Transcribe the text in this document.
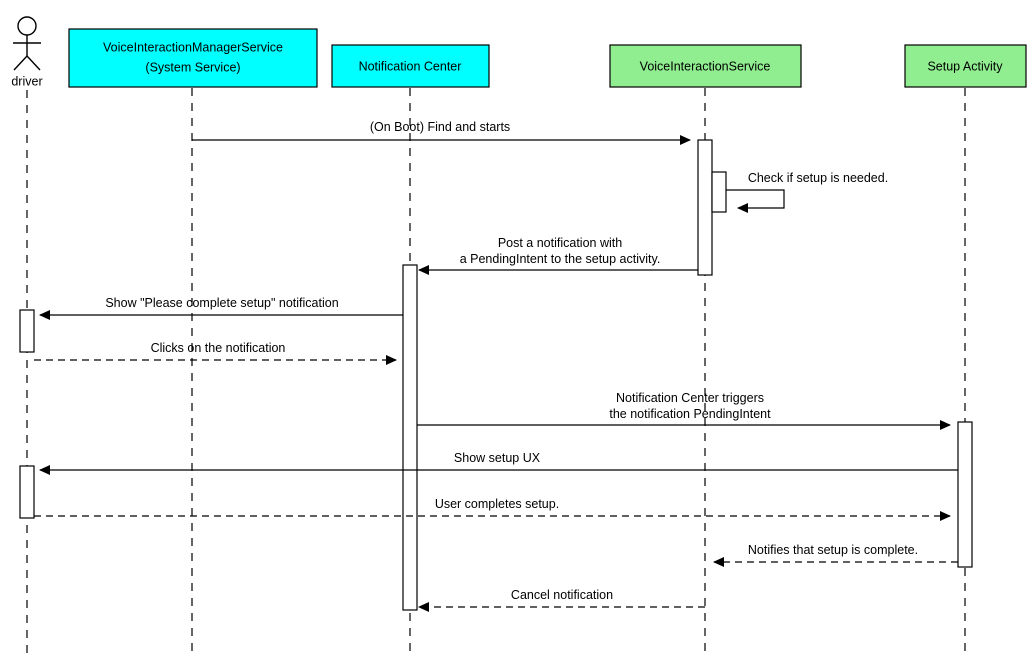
(On Boot) Find and starts
Check if setup is needed.
Post a notification with
a PendingIntent to the setup activity.
Show "Please complete setup" notification
Clicks on the notification
Notification Center triggers
the notification PendingIntent
Show setup UX
User completes setup.
Notifies that setup is complete.
Cancel notification
VoiceInteractionManagerService
(System Service)	Notification Center	VoiceInteractionService	Setup Activity
driver
